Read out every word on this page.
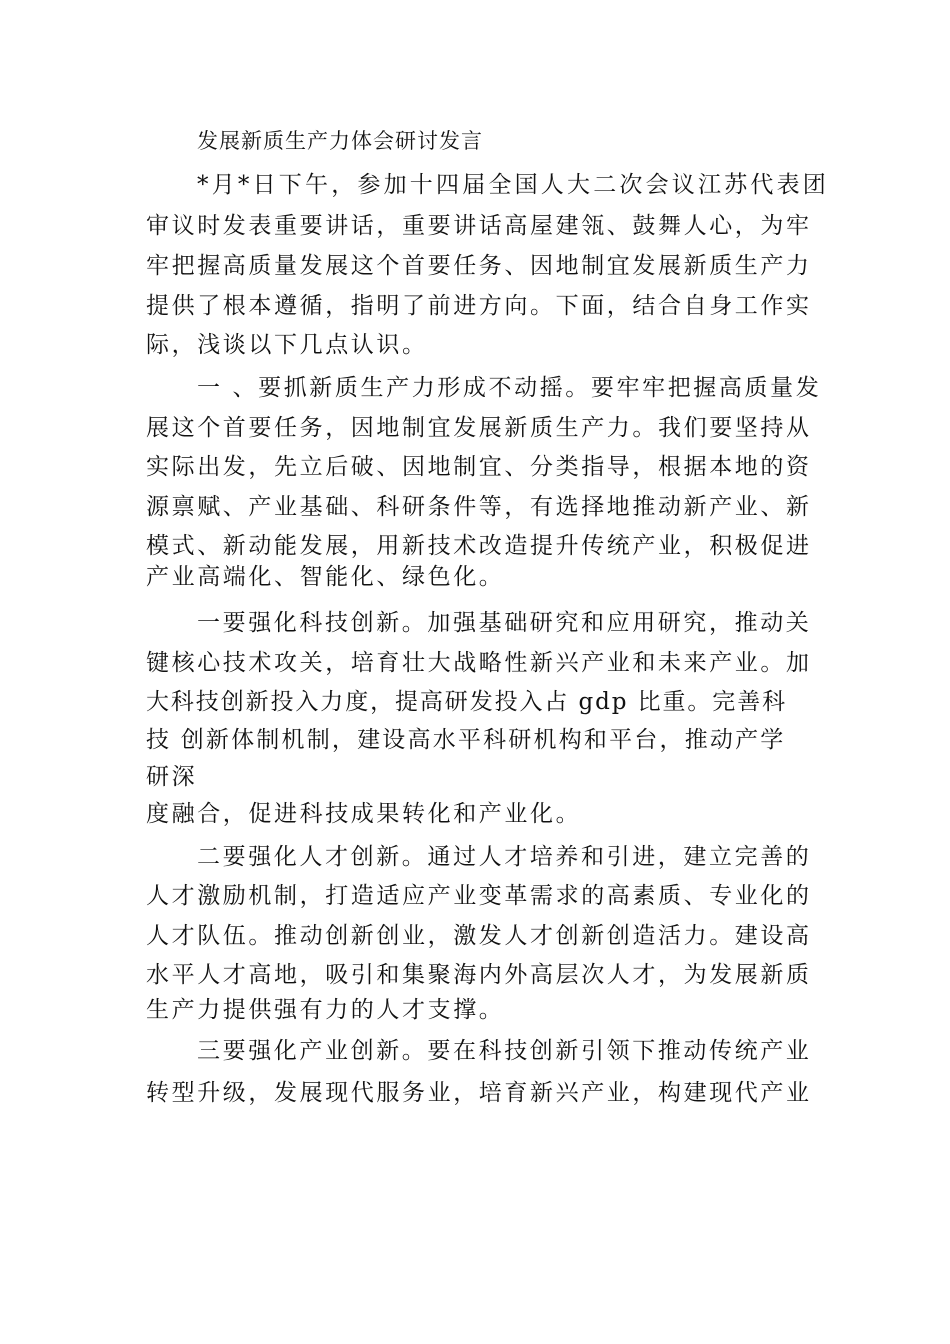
发展新质生产力体会研讨发言
*月*日下午，参加十四届全国人大二次会议江苏代表团
审议时发表重要讲话，重要讲话高屋建瓴、鼓舞人心，为牢
牢把握高质量发展这个首要任务、因地制宜发展新质生产力
提供了根本遵循，指明了前进方向。下面，结合自身工作实
际，浅谈以下几点认识。
一 、要抓新质生产力形成不动摇。要牢牢把握高质量发
展这个首要任务，因地制宜发展新质生产力。我们要坚持从
实际出发，先立后破、因地制宜、分类指导，根据本地的资
源禀赋、产业基础、科研条件等，有选择地推动新产业、新
模式、新动能发展，用新技术改造提升传统产业，积极促进
产业高端化、智能化、绿色化。
一要强化科技创新。加强基础研究和应用研究，推动关
键核心技术攻关，培育壮大战略性新兴产业和未来产业。加
大科技创新投入力度，提高研发投入占 gdp 比重。完善科
技 创新体制机制，建设高水平科研机构和平台，推动产学
研深
度融合，促进科技成果转化和产业化。
二要强化人才创新。通过人才培养和引进，建立完善的
人才激励机制，打造适应产业变革需求的高素质、专业化的
人才队伍。推动创新创业，激发人才创新创造活力。建设高
水平人才高地，吸引和集聚海内外高层次人才，为发展新质
生产力提供强有力的人才支撑。
三要强化产业创新。要在科技创新引领下推动传统产业
转型升级，发展现代服务业，培育新兴产业，构建现代产业
